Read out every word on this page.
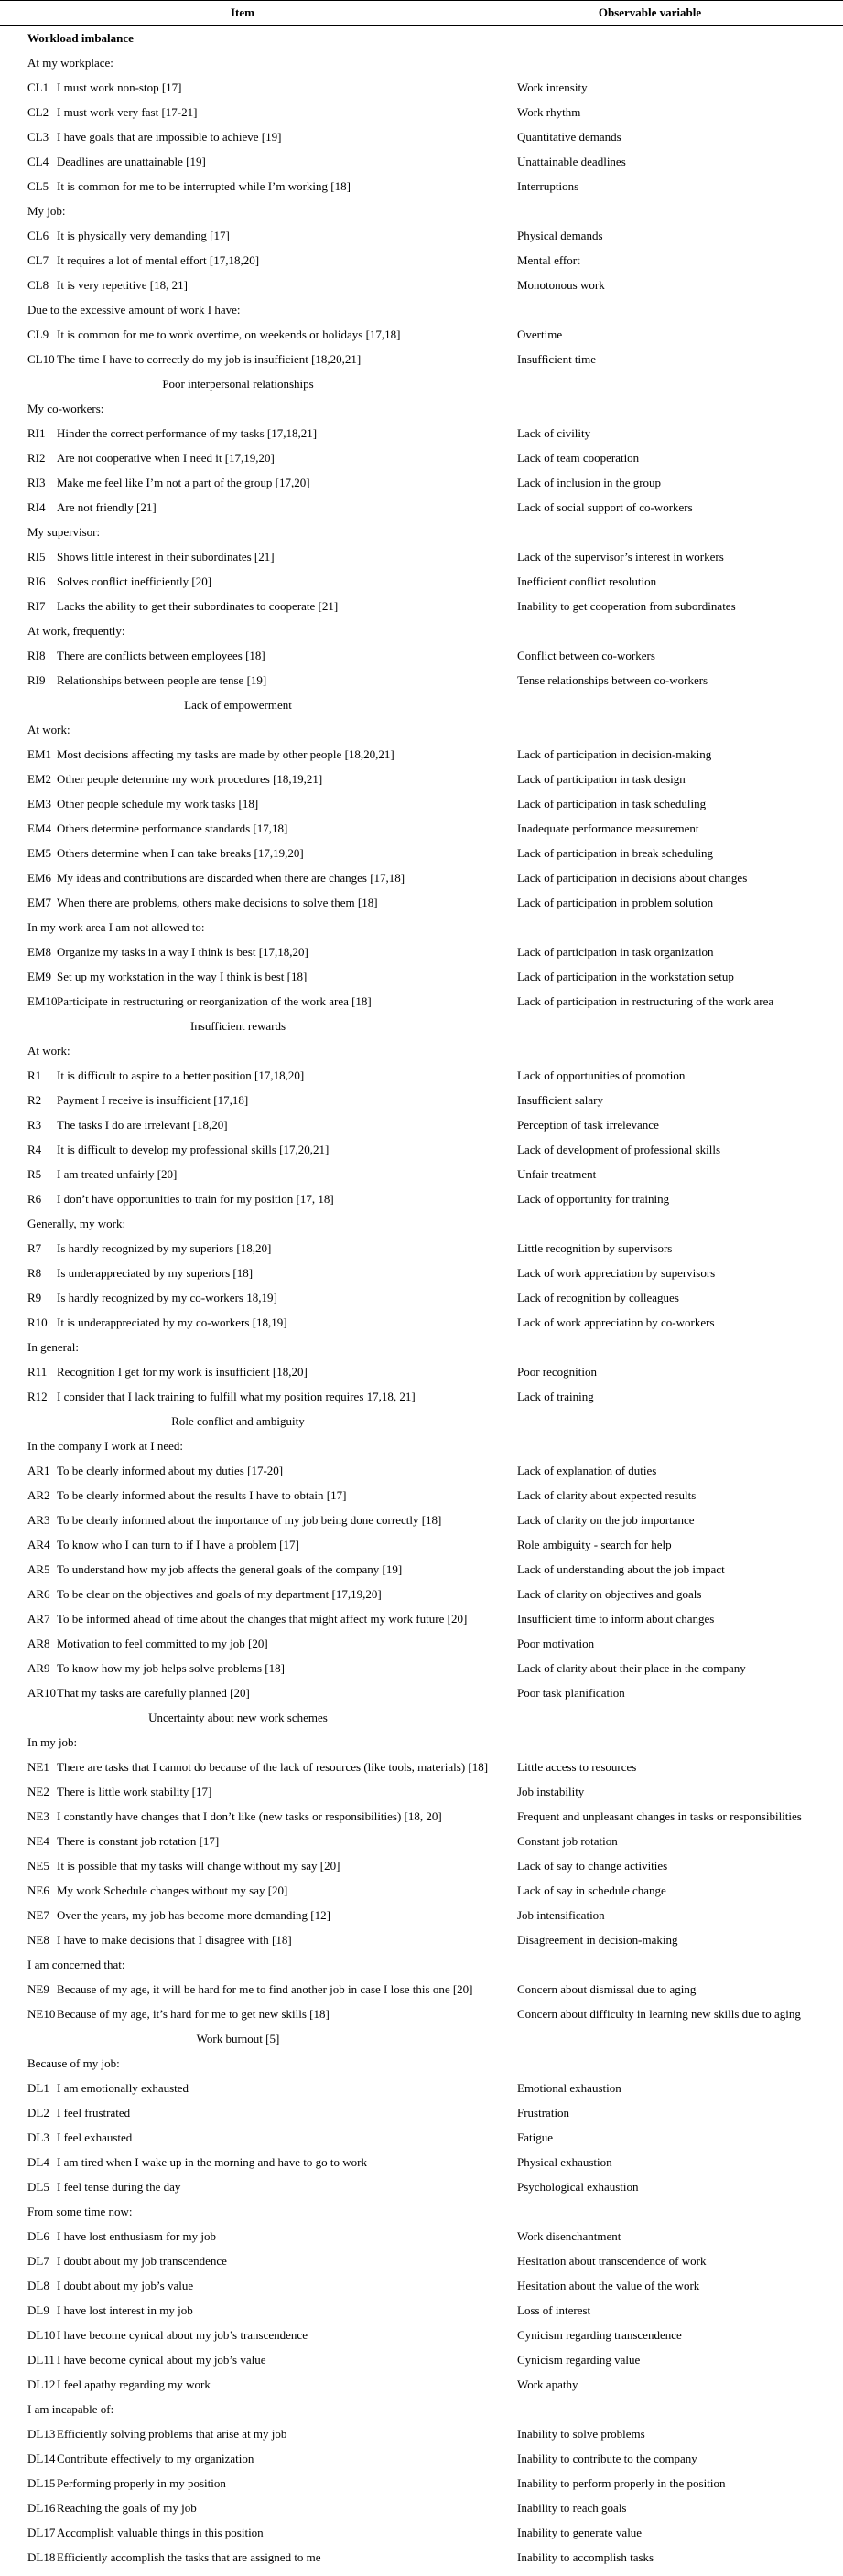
Item	Observable variable
Workload imbalance
At my workplace:
CL1 I must work non-stop [17]	Work intensity
CL2 I must work very fast [17-21]	Work rhythm
CL3 I have goals that are impossible to achieve [19]	Quantitative demands
CL4 Deadlines are unattainable [19]	Unattainable deadlines
CL5 It is common for me to be interrupted while I’m working [18]	Interruptions
My job:
CL6 It is physically very demanding [17]	Physical demands
CL7 It requires a lot of mental effort [17,18,20]	Mental effort
CL8 It is very repetitive [18, 21]	Monotonous work
Due to the excessive amount of work I have:
CL9 It is common for me to work overtime, on weekends or holidays [17,18]	Overtime
CL10 The time I have to correctly do my job is insufficient [18,20,21]	Insufficient time
Poor interpersonal relationships
My co-workers:
RI1 Hinder the correct performance of my tasks [17,18,21]	Lack of civility
RI2 Are not cooperative when I need it [17,19,20]	Lack of team cooperation
RI3 Make me feel like I’m not a part of the group [17,20]	Lack of inclusion in the group
RI4 Are not friendly [21]	Lack of social support of co-workers
My supervisor:
RI5 Shows little interest in their subordinates [21]	Lack of the supervisor’s interest in workers
RI6 Solves conflict inefficiently [20]	Inefficient conflict resolution
RI7 Lacks the ability to get their subordinates to cooperate [21]	Inability to get cooperation from subordinates
At work, frequently:
RI8 There are conflicts between employees [18]	Conflict between co-workers
RI9 Relationships between people are tense [19]	Tense relationships between co-workers
Lack of empowerment
At work:
EM1 Most decisions affecting my tasks are made by other people [18,20,21]	Lack of participation in decision-making
EM2 Other people determine my work procedures [18,19,21]	Lack of participation in task design
EM3 Other people schedule my work tasks [18]	Lack of participation in task scheduling
EM4 Others determine performance standards [17,18]	Inadequate performance measurement
EM5 Others determine when I can take breaks [17,19,20]	Lack of participation in break scheduling
EM6 My ideas and contributions are discarded when there are changes [17,18]	Lack of participation in decisions about changes
EM7 When there are problems, others make decisions to solve them [18]	Lack of participation in problem solution
In my work area I am not allowed to:
EM8 Organize my tasks in a way I think is best [17,18,20]	Lack of participation in task organization
EM9 Set up my workstation in the way I think is best [18]	Lack of participation in the workstation setup
EM10 Participate in restructuring or reorganization of the work area [18]	Lack of participation in restructuring of the work area
Insufficient rewards
At work:
R1	It is difficult to aspire to a better position [17,18,20]	Lack of opportunities of promotion
R2	Payment I receive is insufficient [17,18]	Insufficient salary
R3	The tasks I do are irrelevant [18,20]	Perception of task irrelevance
R4	It is difficult to develop my professional skills [17,20,21]	Lack of development of professional skills
R5	I am treated unfairly [20]	Unfair treatment
R6	I don’t have opportunities to train for my position [17, 18]	Lack of opportunity for training
Generally, my work:
R7	Is hardly recognized by my superiors [18,20]	Little recognition by supervisors
R8	Is underappreciated by my superiors [18]	Lack of work appreciation by supervisors
R9	Is hardly recognized by my co-workers 18,19]	Lack of recognition by colleagues
R10 It is underappreciated by my co-workers [18,19]	Lack of work appreciation by co-workers
In general:
R11 Recognition I get for my work is insufficient [18,20]	Poor recognition
R12 I consider that I lack training to fulfill what my position requires 17,18, 21]	Lack of training
Role conflict and ambiguity
In the company I work at I need:
AR1 To be clearly informed about my duties [17-20]	Lack of explanation of duties
AR2 To be clearly informed about the results I have to obtain [17]	Lack of clarity about expected results
AR3 To be clearly informed about the importance of my job being done correctly [18]	Lack of clarity on the job importance
AR4 To know who I can turn to if I have a problem [17]	Role ambiguity - search for help
AR5 To understand how my job affects the general goals of the company [19]	Lack of understanding about the job impact
AR6 To be clear on the objectives and goals of my department [17,19,20]	Lack of clarity on objectives and goals
AR7 To be informed ahead of time about the changes that might affect my work future [20]	Insufficient time to inform about changes
AR8 Motivation to feel committed to my job [20]	Poor motivation
AR9 To know how my job helps solve problems [18]	Lack of clarity about their place in the company
AR10 That my tasks are carefully planned [20]	Poor task planification
Uncertainty about new work schemes
In my job:
NE1 There are tasks that I cannot do because of the lack of resources (like tools, materials) [18]	Little access to resources
NE2 There is little work stability [17]	Job instability
NE3 I constantly have changes that I don’t like (new tasks or responsibilities) [18, 20]	Frequent and unpleasant changes in tasks or responsibilities
NE4 There is constant job rotation [17]	Constant job rotation
NE5 It is possible that my tasks will change without my say [20]	Lack of say to change activities
NE6 My work Schedule changes without my say [20]	Lack of say in schedule change
NE7 Over the years, my job has become more demanding [12]	Job intensification
NE8 I have to make decisions that I disagree with [18]	Disagreement in decision-making
I am concerned that:
NE9 Because of my age, it will be hard for me to find another job in case I lose this one [20]	Concern about dismissal due to aging
NE10 Because of my age, it’s hard for me to get new skills [18]	Concern about difficulty in learning new skills due to aging
Work burnout [5]
Because of my job:
DL1 I am emotionally exhausted	Emotional exhaustion
DL2 I feel frustrated	Frustration
DL3 I feel exhausted	Fatigue
DL4 I am tired when I wake up in the morning and have to go to work	Physical exhaustion
DL5 I feel tense during the day	Psychological exhaustion
From some time now:
DL6 I have lost enthusiasm for my job	Work disenchantment
DL7 I doubt about my job transcendence	Hesitation about transcendence of work
DL8 I doubt about my job’s value	Hesitation about the value of the work
DL9 I have lost interest in my job	Loss of interest
DL10 I have become cynical about my job’s transcendence	Cynicism regarding transcendence
DL11 I have become cynical about my job’s value	Cynicism regarding value
DL12 I feel apathy regarding my work	Work apathy
I am incapable of:
DL13 Efficiently solving problems that arise at my job	Inability to solve problems
DL14 Contribute effectively to my organization	Inability to contribute to the company
DL15 Performing properly in my position	Inability to perform properly in the position
DL16 Reaching the goals of my job	Inability to reach goals
DL17 Accomplish valuable things in this position	Inability to generate value
DL18 Efficiently accomplish the tasks that are assigned to me	Inability to accomplish tasks
